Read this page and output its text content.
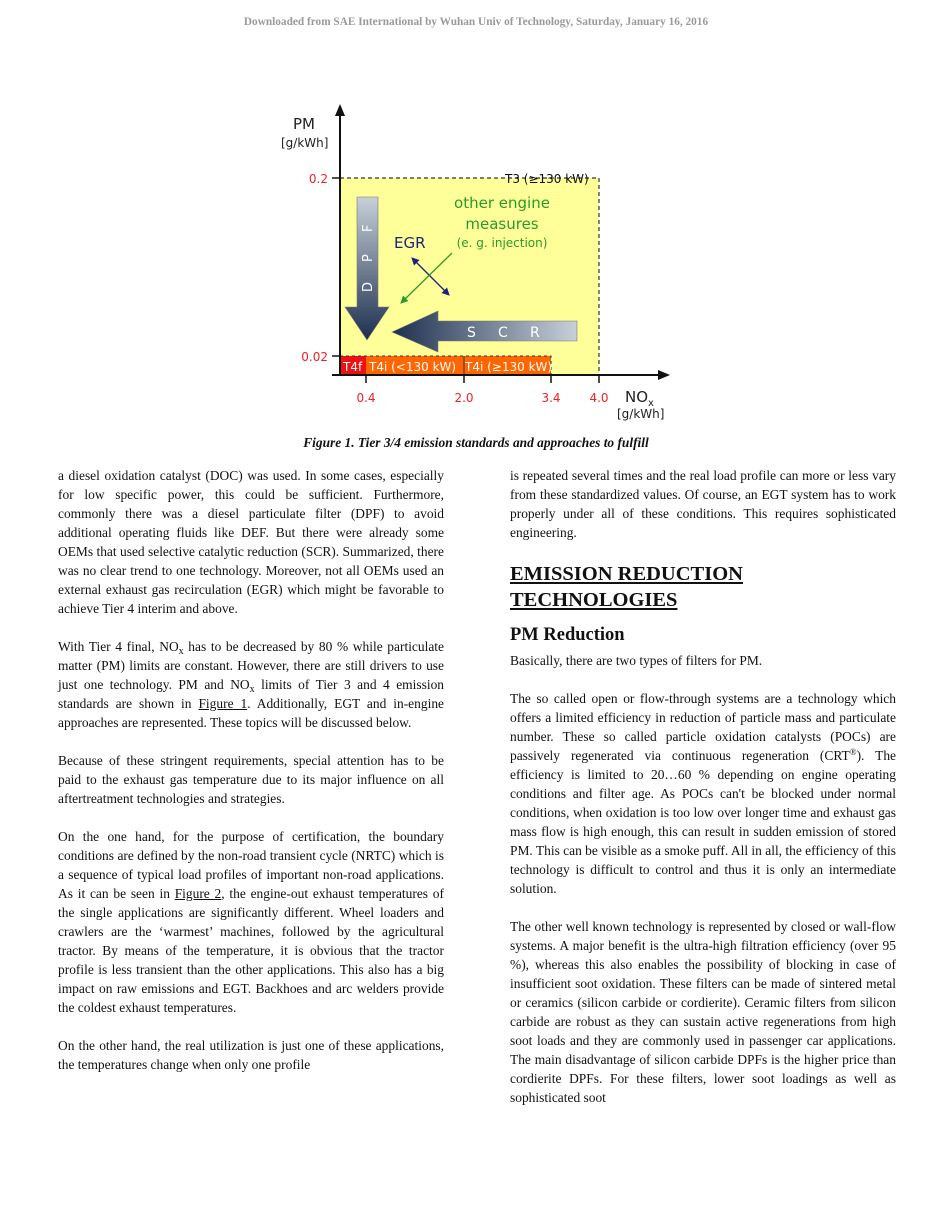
Downloaded from SAE International by Wuhan Univ of Technology, Saturday, January 16, 2016
T4f T4i (<130 kW) T4i (≥130 kW)
T3 (≥130 kW)
D
P
F
S C R
EGR
other engine
measures
(e. g. injection)
PM
[g/kWh]
0.2
0.02
0.4	2.0	3.4 4.0 $NO_x$
[g/kWh]
Figure 1. Tier 3/4 emission standards and approaches to fulfill

a diesel oxidation catalyst (DOC) was used. In some cases, especially for low specific power, this could be sufficient. Furthermore, commonly there was a diesel particulate filter (DPF) to avoid additional operating fluids like DEF. But there were already some OEMs that used selective catalytic reduction (SCR). Summarized, there was no clear trend to one technology. Moreover, not all OEMs used an external exhaust gas recirculation (EGR) which might be favorable to achieve Tier 4 interim and above.

With Tier 4 final, $NO_x$ has to be decreased by 80 % while particulate matter (PM) limits are constant. However, there are still drivers to use just one technology. PM and $NO_x$ limits of Tier 3 and 4 emission standards are shown in Figure 1. Additionally, EGT and in-engine approaches are represented. These topics will be discussed below.

Because of these stringent requirements, special attention has to be paid to the exhaust gas temperature due to its major influence on all aftertreatment technologies and strategies.

On the one hand, for the purpose of certification, the boundary conditions are defined by the non-road transient cycle (NRTC) which is a sequence of typical load profiles of important non-road applications. As it can be seen in Figure 2, the engine-out exhaust temperatures of the single applications are significantly different. Wheel loaders and crawlers are the ‘warmest’ machines, followed by the agricultural tractor. By means of the temperature, it is obvious that the tractor profile is less transient than the other applications. This also has a big impact on raw emissions and EGT. Backhoes and arc welders provide the coldest exhaust temperatures.

On the other hand, the real utilization is just one of these applications, the temperatures change when only one profile

is repeated several times and the real load profile can more or less vary from these standardized values. Of course, an EGT system has to work properly under all of these conditions. This requires sophisticated engineering.

EMISSION REDUCTION TECHNOLOGIES
PM Reduction

Basically, there are two types of filters for PM.

The so called open or flow-through systems are a technology which offers a limited efficiency in reduction of particle mass and particulate number. These so called particle oxidation catalysts (POCs) are passively regenerated via continuous regeneration (CRT®). The efficiency is limited to 20…60 % depending on engine operating conditions and filter age. As POCs can't be blocked under normal conditions, when oxidation is too low over longer time and exhaust gas mass flow is high enough, this can result in sudden emission of stored PM. This can be visible as a smoke puff. All in all, the efficiency of this technology is difficult to control and thus it is only an intermediate solution.

The other well known technology is represented by closed or wall-flow systems. A major benefit is the ultra-high filtration efficiency (over 95 %), whereas this also enables the possibility of blocking in case of insufficient soot oxidation. These filters can be made of sintered metal or ceramics (silicon carbide or cordierite). Ceramic filters from silicon carbide are robust as they can sustain active regenerations from high soot loads and they are commonly used in passenger car applications. The main disadvantage of silicon carbide DPFs is the higher price than cordierite DPFs. For these filters, lower soot loadings as well as sophisticated soot
